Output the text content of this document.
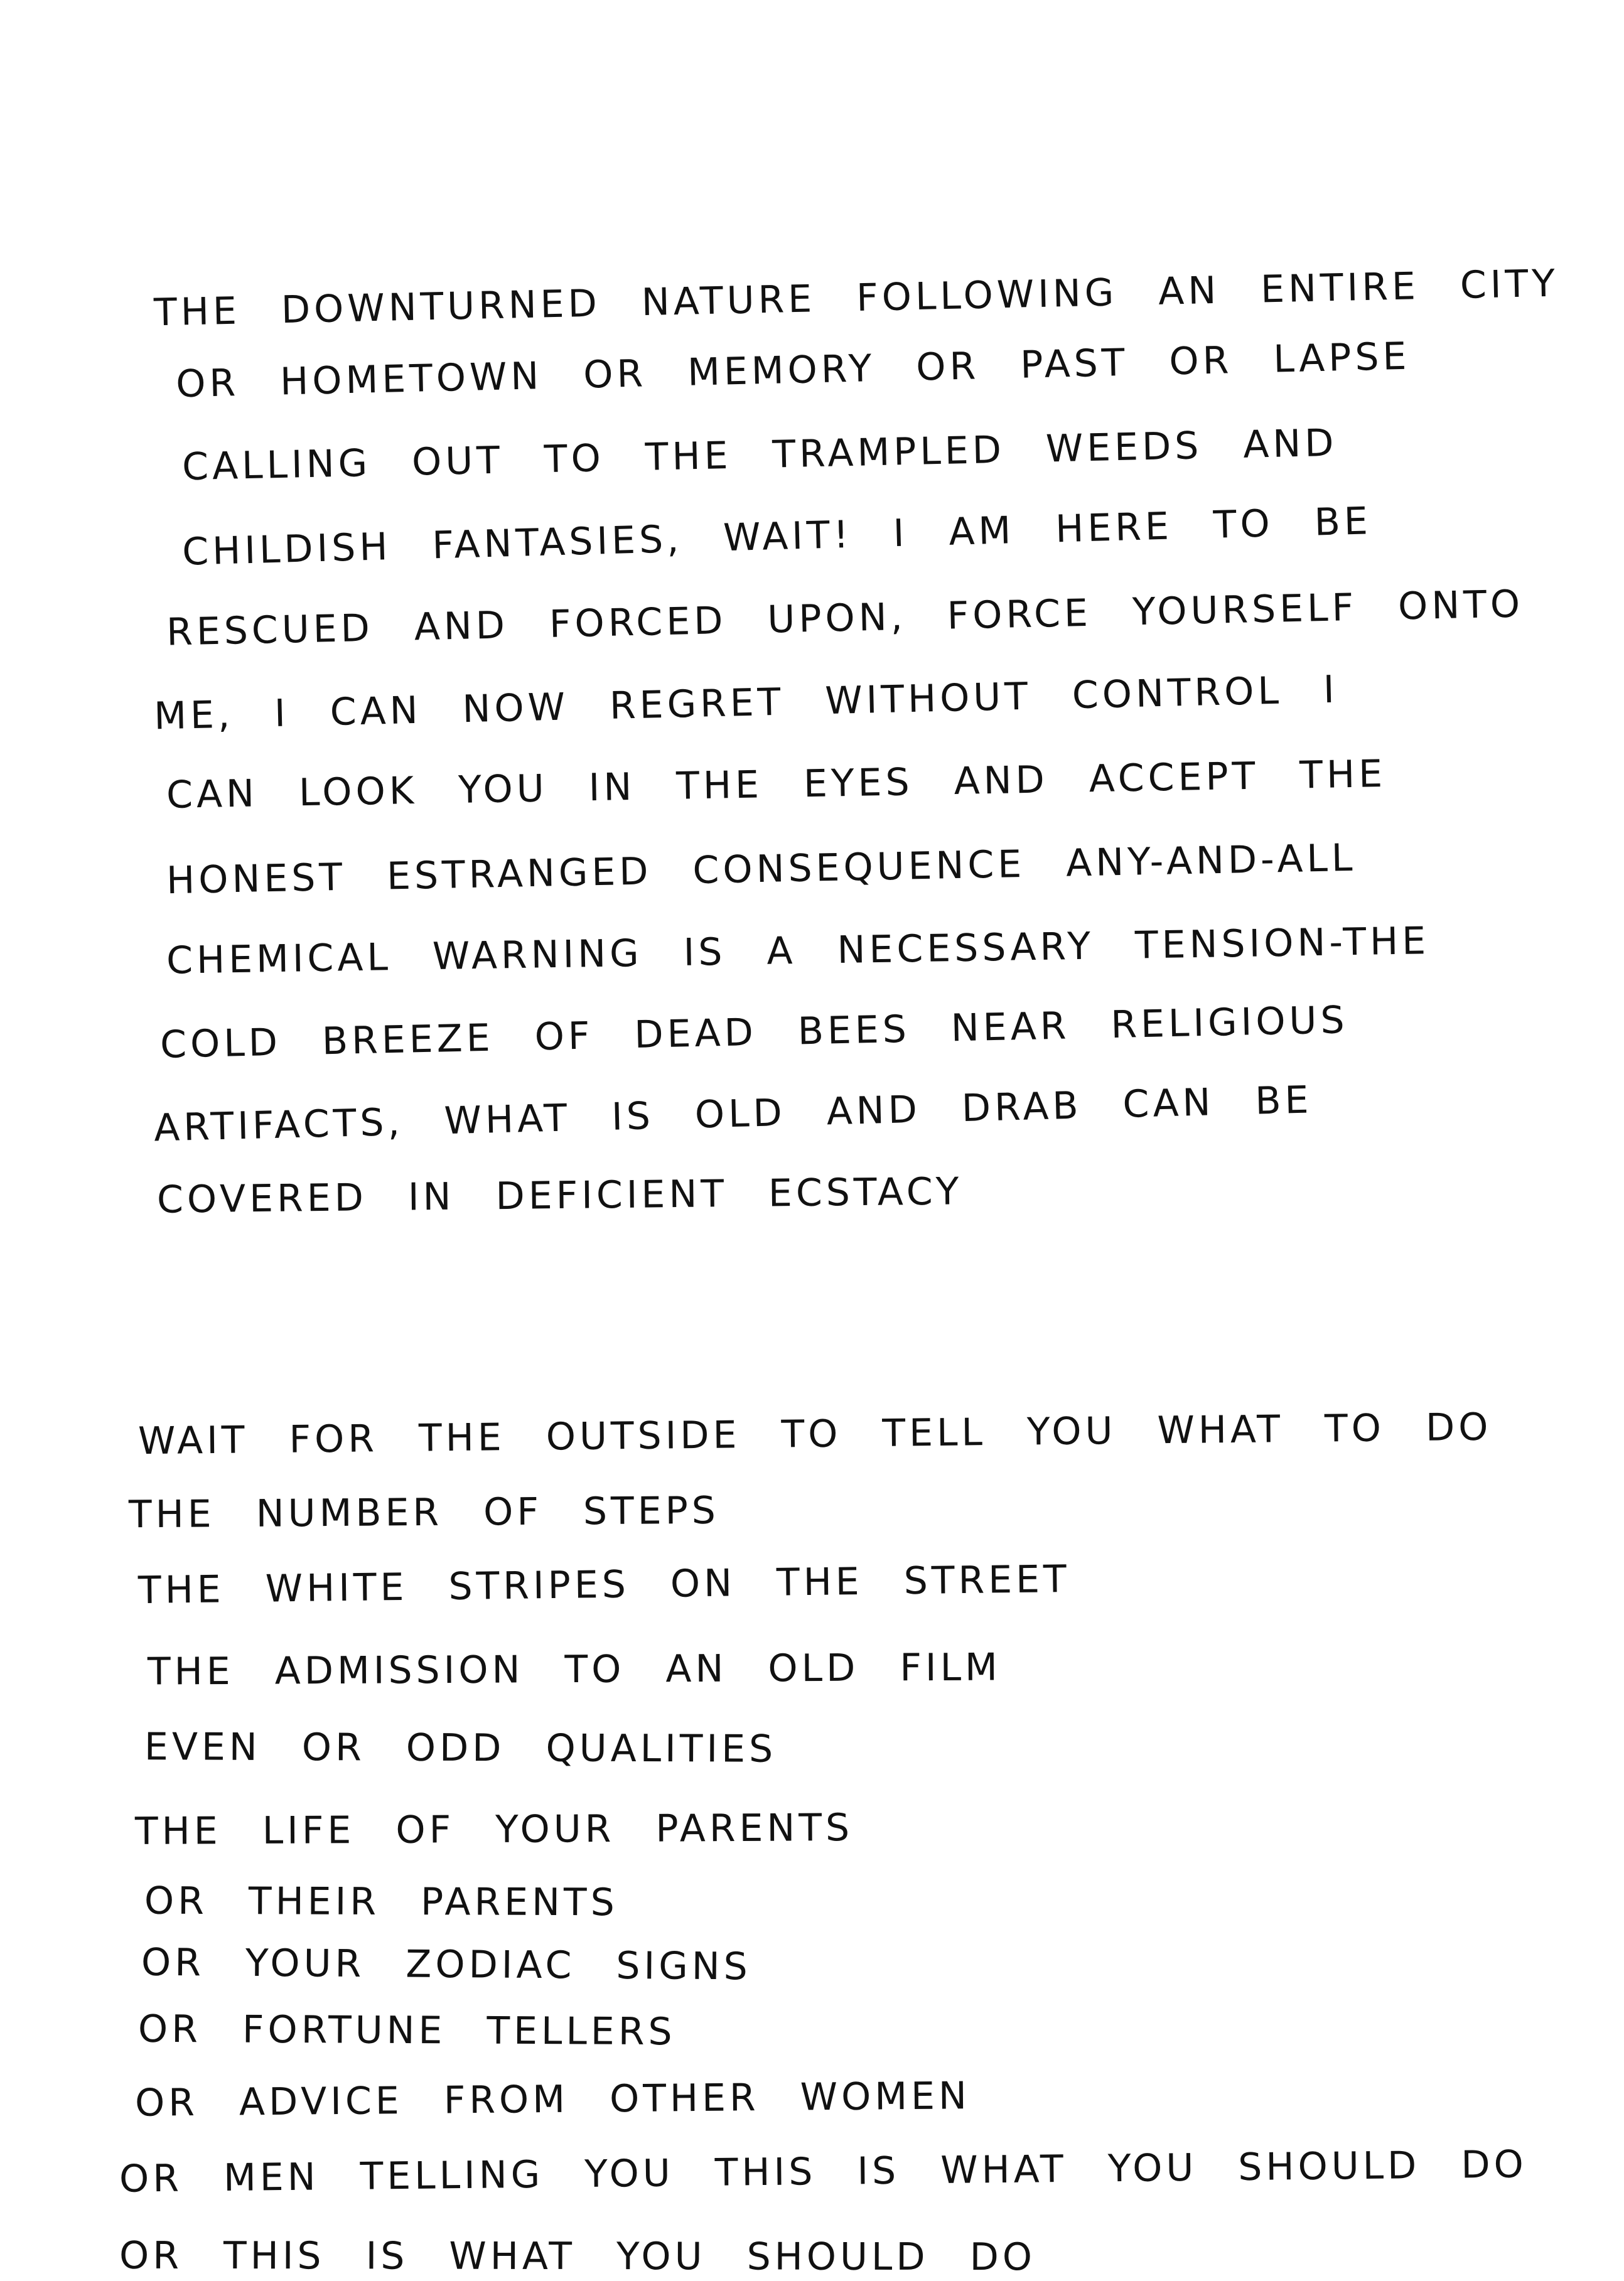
THE DOWNTURNED NATURE FOLLOWING AN ENTIRE CITY
OR HOMETOWN OR MEMORY OR PAST OR LAPSE
CALLING OUT TO THE TRAMPLED WEEDS AND
CHILDISH FANTASIES, WAIT! I AM HERE TO BE
RESCUED AND FORCED UPON, FORCE YOURSELF ONTO
ME, I CAN NOW REGRET WITHOUT CONTROL I
CAN LOOK YOU IN THE EYES AND ACCEPT THE
HONEST ESTRANGED CONSEQUENCE ANY-AND-ALL
CHEMICAL WARNING IS A NECESSARY TENSION-THE
COLD BREEZE OF DEAD BEES NEAR RELIGIOUS
ARTIFACTS, WHAT IS OLD AND DRAB CAN BE
COVERED IN DEFICIENT ECSTACY
WAIT FOR THE OUTSIDE TO TELL YOU WHAT TO DO
THE NUMBER OF STEPS
THE WHITE STRIPES ON THE STREET
THE ADMISSION TO AN OLD FILM
EVEN OR ODD QUALITIES
THE LIFE OF YOUR PARENTS
OR THEIR PARENTS
OR YOUR ZODIAC SIGNS
OR FORTUNE TELLERS
OR ADVICE FROM OTHER WOMEN
OR MEN TELLING YOU THIS IS WHAT YOU SHOULD DO
OR THIS IS WHAT YOU SHOULD DO
